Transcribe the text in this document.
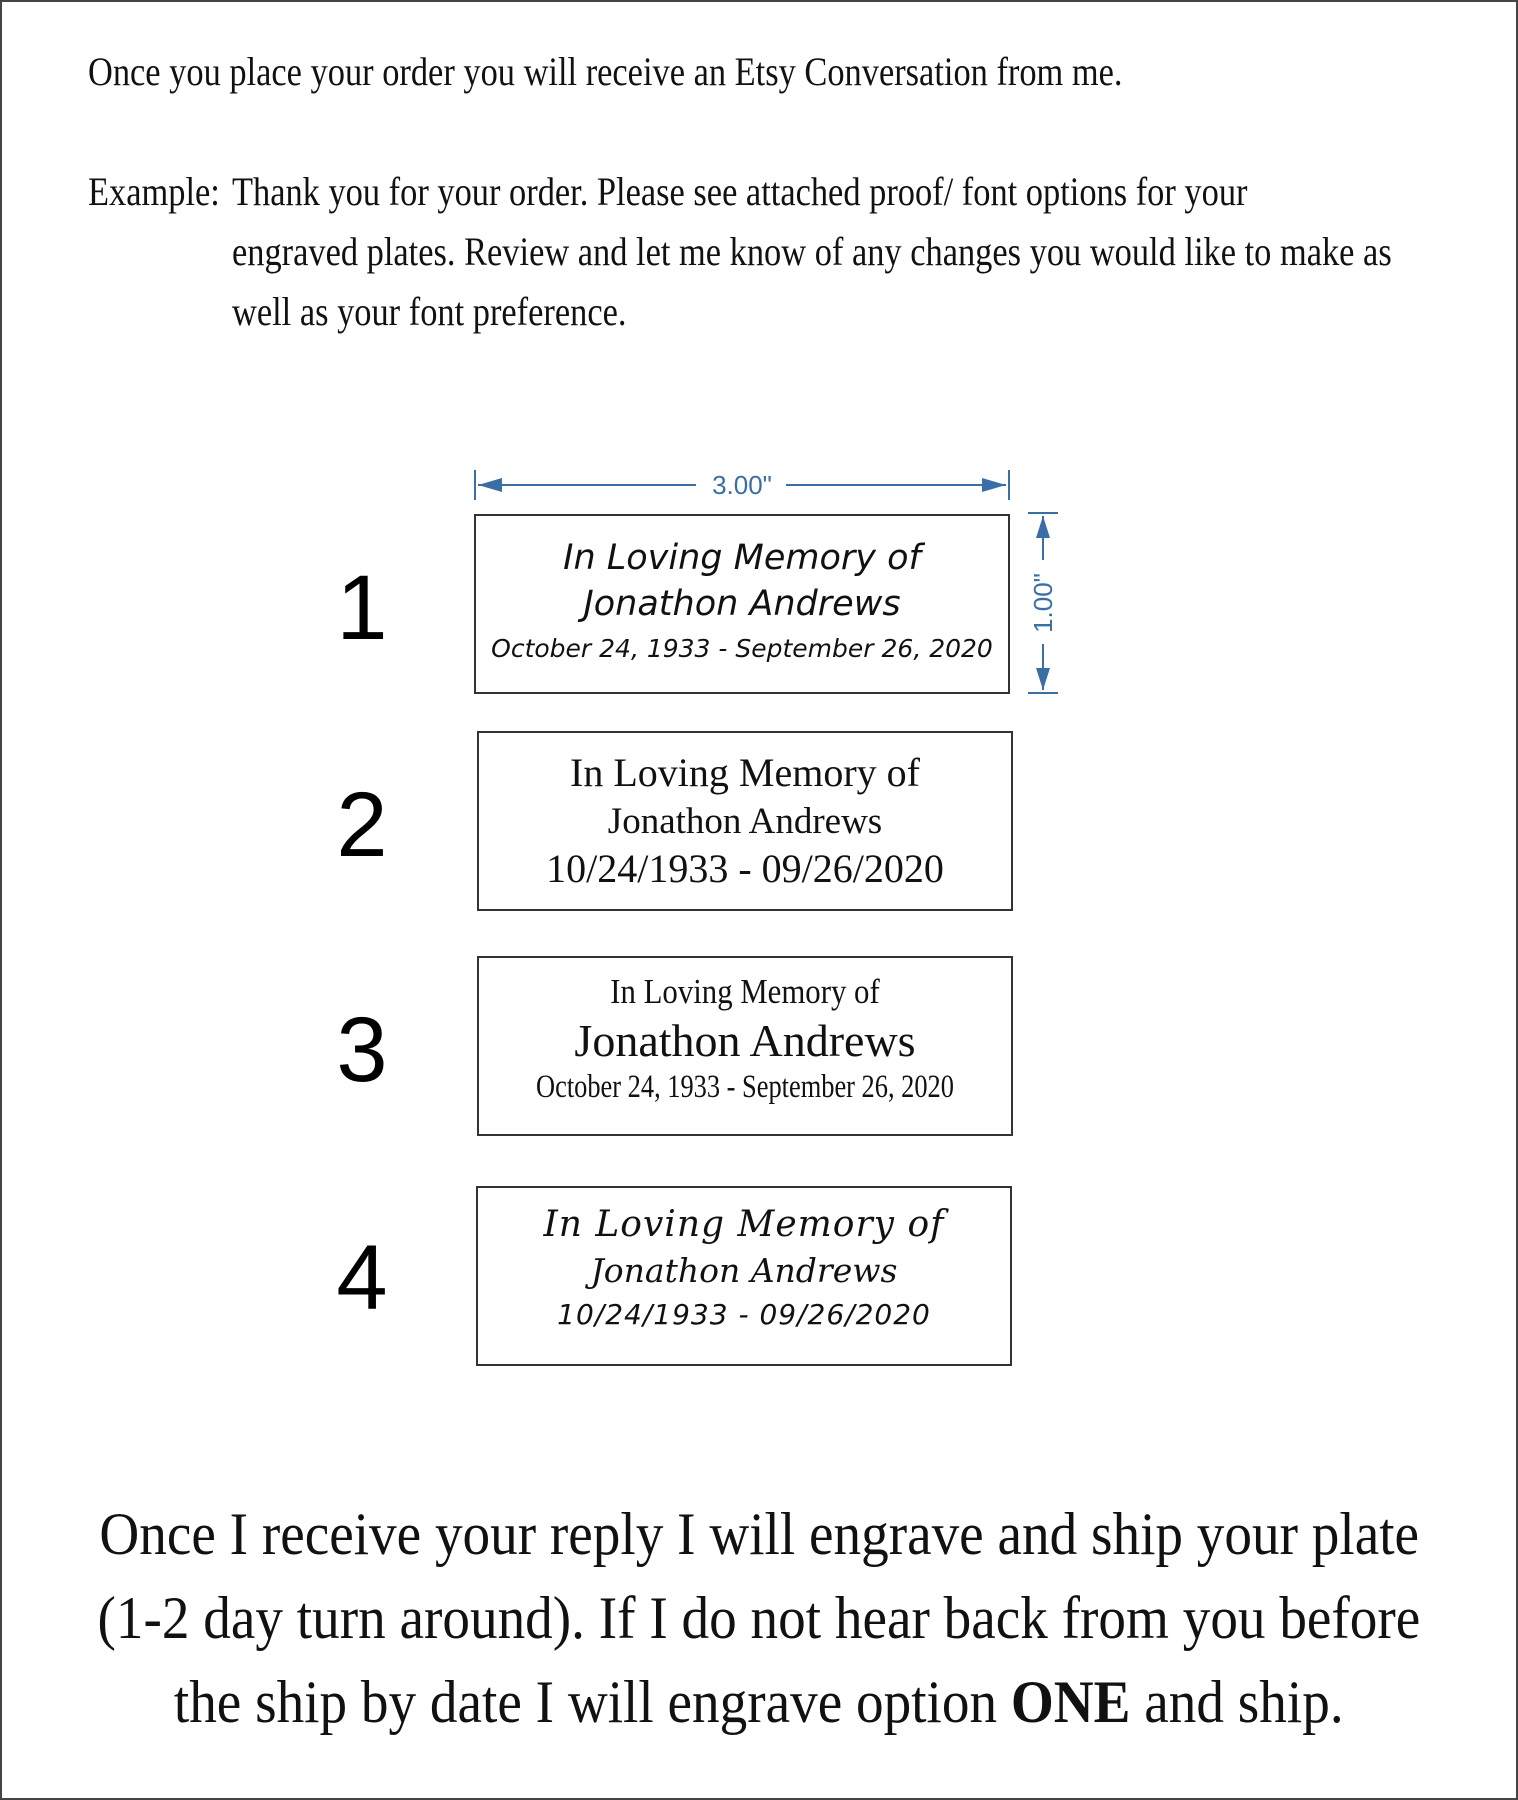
Once you place your order you will receive an Etsy Conversation from me.
Example: Thank you for your order. Please see attached proof/ font options for your
engraved plates. Review and let me know of any changes you would like to make as
well as your font preference.
3.00"
1.00"
1
2
3
4
In Loving Memory of
Jonathon Andrews
October 24, 1933 - September 26, 2020
In Loving Memory of
Jonathon Andrews
10/24/1933 - 09/26/2020
In Loving Memory of
Jonathon Andrews
October 24, 1933 - September 26, 2020
In Loving Memory of
Jonathon Andrews
10/24/1933 - 09/26/2020
Once I receive your reply I will engrave and ship your plate
(1-2 day turn around). If I do not hear back from you before
the ship by date I will engrave option ONE and ship.
